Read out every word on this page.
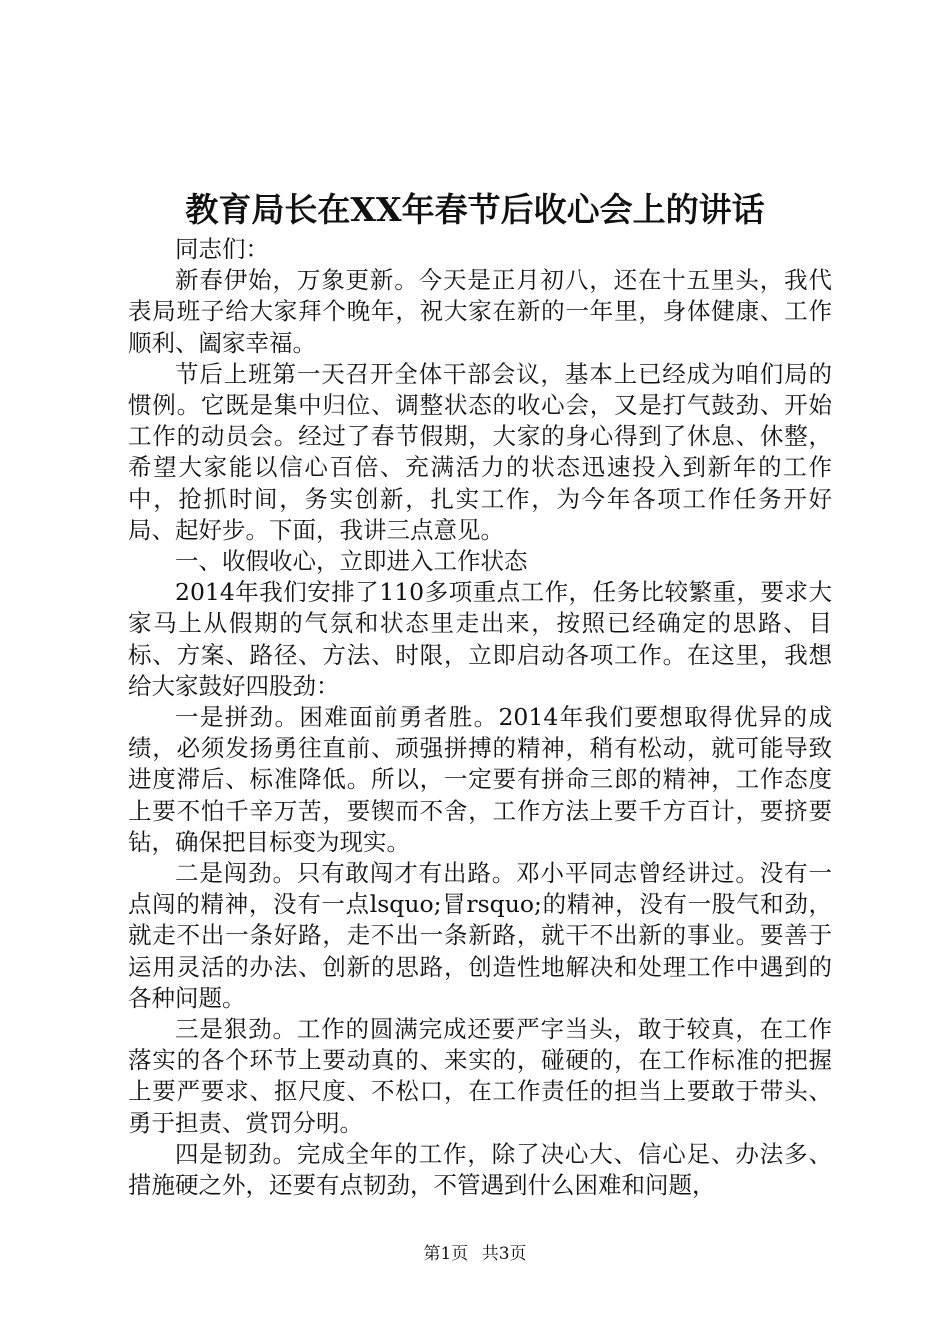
教育局长在XX年春节后收心会上的讲话

同志们：

新春伊始，万象更新。今天是正月初八，还在十五里头，我代表局班子给大家拜个晚年，祝大家在新的一年里，身体健康、工作顺利、阖家幸福。

节后上班第一天召开全体干部会议，基本上已经成为咱们局的惯例。它既是集中归位、调整状态的收心会，又是打气鼓劲、开始工作的动员会。经过了春节假期，大家的身心得到了休息、休整，希望大家能以信心百倍、充满活力的状态迅速投入到新年的工作中，抢抓时间，务实创新，扎实工作，为今年各项工作任务开好局、起好步。下面，我讲三点意见。

一、收假收心，立即进入工作状态

2014年我们安排了110多项重点工作，任务比较繁重，要求大家马上从假期的气氛和状态里走出来，按照已经确定的思路、目标、方案、路径、方法、时限，立即启动各项工作。在这里，我想给大家鼓好四股劲：

一是拼劲。困难面前勇者胜。2014年我们要想取得优异的成绩，必须发扬勇往直前、顽强拼搏的精神，稍有松动，就可能导致进度滞后、标准降低。所以，一定要有拼命三郎的精神，工作态度上要不怕千辛万苦，要锲而不舍，工作方法上要千方百计，要挤要钻，确保把目标变为现实。

二是闯劲。只有敢闯才有出路。邓小平同志曾经讲过。没有一点闯的精神，没有一点lsquo;冒rsquo;的精神，没有一股气和劲，就走不出一条好路，走不出一条新路，就干不出新的事业。要善于运用灵活的办法、创新的思路，创造性地解决和处理工作中遇到的各种问题。

三是狠劲。工作的圆满完成还要严字当头，敢于较真，在工作落实的各个环节上要动真的、来实的，碰硬的，在工作标准的把握上要严要求、抠尺度、不松口，在工作责任的担当上要敢于带头、勇于担责、赏罚分明。

四是韧劲。完成全年的工作，除了决心大、信心足、办法多、措施硬之外，还要有点韧劲，不管遇到什么困难和问题，

第1页 共3页
